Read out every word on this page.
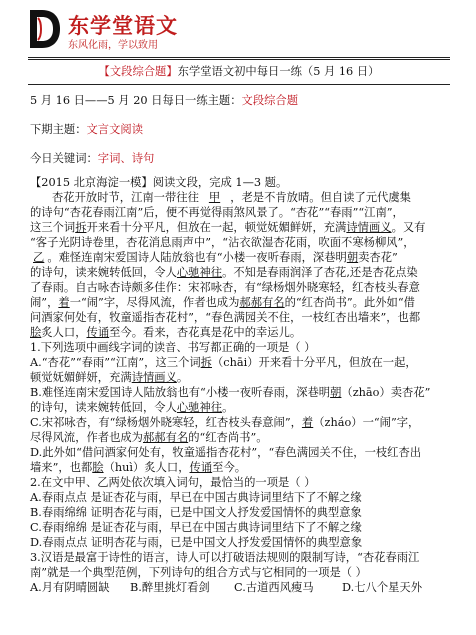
东学堂语文
东风化雨，学以致用
【文段综合题】东学堂语文初中每日一练（5 月 16 日）
5 月 16 日——5 月 20 日每日一练主题：文段综合题
下期主题：文言文阅读
今日关键词：字词、诗句
【2015 北京海淀一模】阅读文段，完成 1—3 题。
杏花开放时节，江南一带往往 甲 ，老是不肯放晴。但自读了元代虞集
的诗句“杏花春雨江南”后，便不再觉得雨煞风景了。“杏花”“春雨”“江南”，
这三个词拆开来看十分平凡，但放在一起，顿觉妩媚鲜妍，充满诗情画义。又有
“客子光阴诗卷里，杏花消息雨声中”，“沾衣欲湿杏花雨，吹面不寒杨柳风”，
乙 。难怪连南宋爱国诗人陆放翁也有“小楼一夜听春雨，深巷明朝卖杏花”
的诗句，读来婉转低回，令人心驰神往。不知是春雨润泽了杏花,还是杏花点染
了春雨。自古咏杏诗颇多佳作：宋祁咏杏，有“绿杨烟外晓寒轻，红杏枝头春意
闹”，着一“闹”字，尽得风流，作者也成为郝郝有名的“红杏尚书”。此外如“借
问酒家何处有，牧童遥指杏花村”，“春色满园关不住，一枝红杏出墙来”，也都
脍炙人口，传诵至今。看来，杏花真是花中的幸运儿。
1.下列选项中画线字词的读音、书写都正确的一项是（ ）
A.“杏花”“春雨”“江南”，这三个词拆（chāi）开来看十分平凡，但放在一起，
顿觉妩媚鲜妍，充满诗情画义。
B.难怪连南宋爱国诗人陆放翁也有“小楼一夜听春雨，深巷明朝（zhāo）卖杏花”
的诗句，读来婉转低回，令人心驰神往。
C.宋祁咏杏，有“绿杨烟外晓寒轻，红杏枝头春意闹”，着（zháo）一“闹”字，
尽得风流，作者也成为郝郝有名的“红杏尚书”。
D.此外如“借问酒家何处有，牧童遥指杏花村”，“春色满园关不住，一枝红杏出
墙来”，也都脍（huì）炙人口，传诵至今。
2.在文中甲、乙两处依次填入词句，最恰当的一项是（ ）
A.春雨点点 是证杏花与雨，早已在中国古典诗词里结下了不解之缘
B.春雨绵绵 证明杏花与雨，已是中国文人抒发爱国情怀的典型意象
C.春雨绵绵 是证杏花与雨，早已在中国古典诗词里结下了不解之缘
D.春雨点点 证明杏花与雨，已是中国文人抒发爱国情怀的典型意象
3.汉语是最富于诗性的语言，诗人可以打破语法规则的限制写诗，“杏花春雨江
南”就是一个典型范例，下列诗句的组合方式与它相同的一项是（ ）
A.月有阴晴圆缺 B.醉里挑灯看剑 C.古道西风瘦马	D.七八个星天外
